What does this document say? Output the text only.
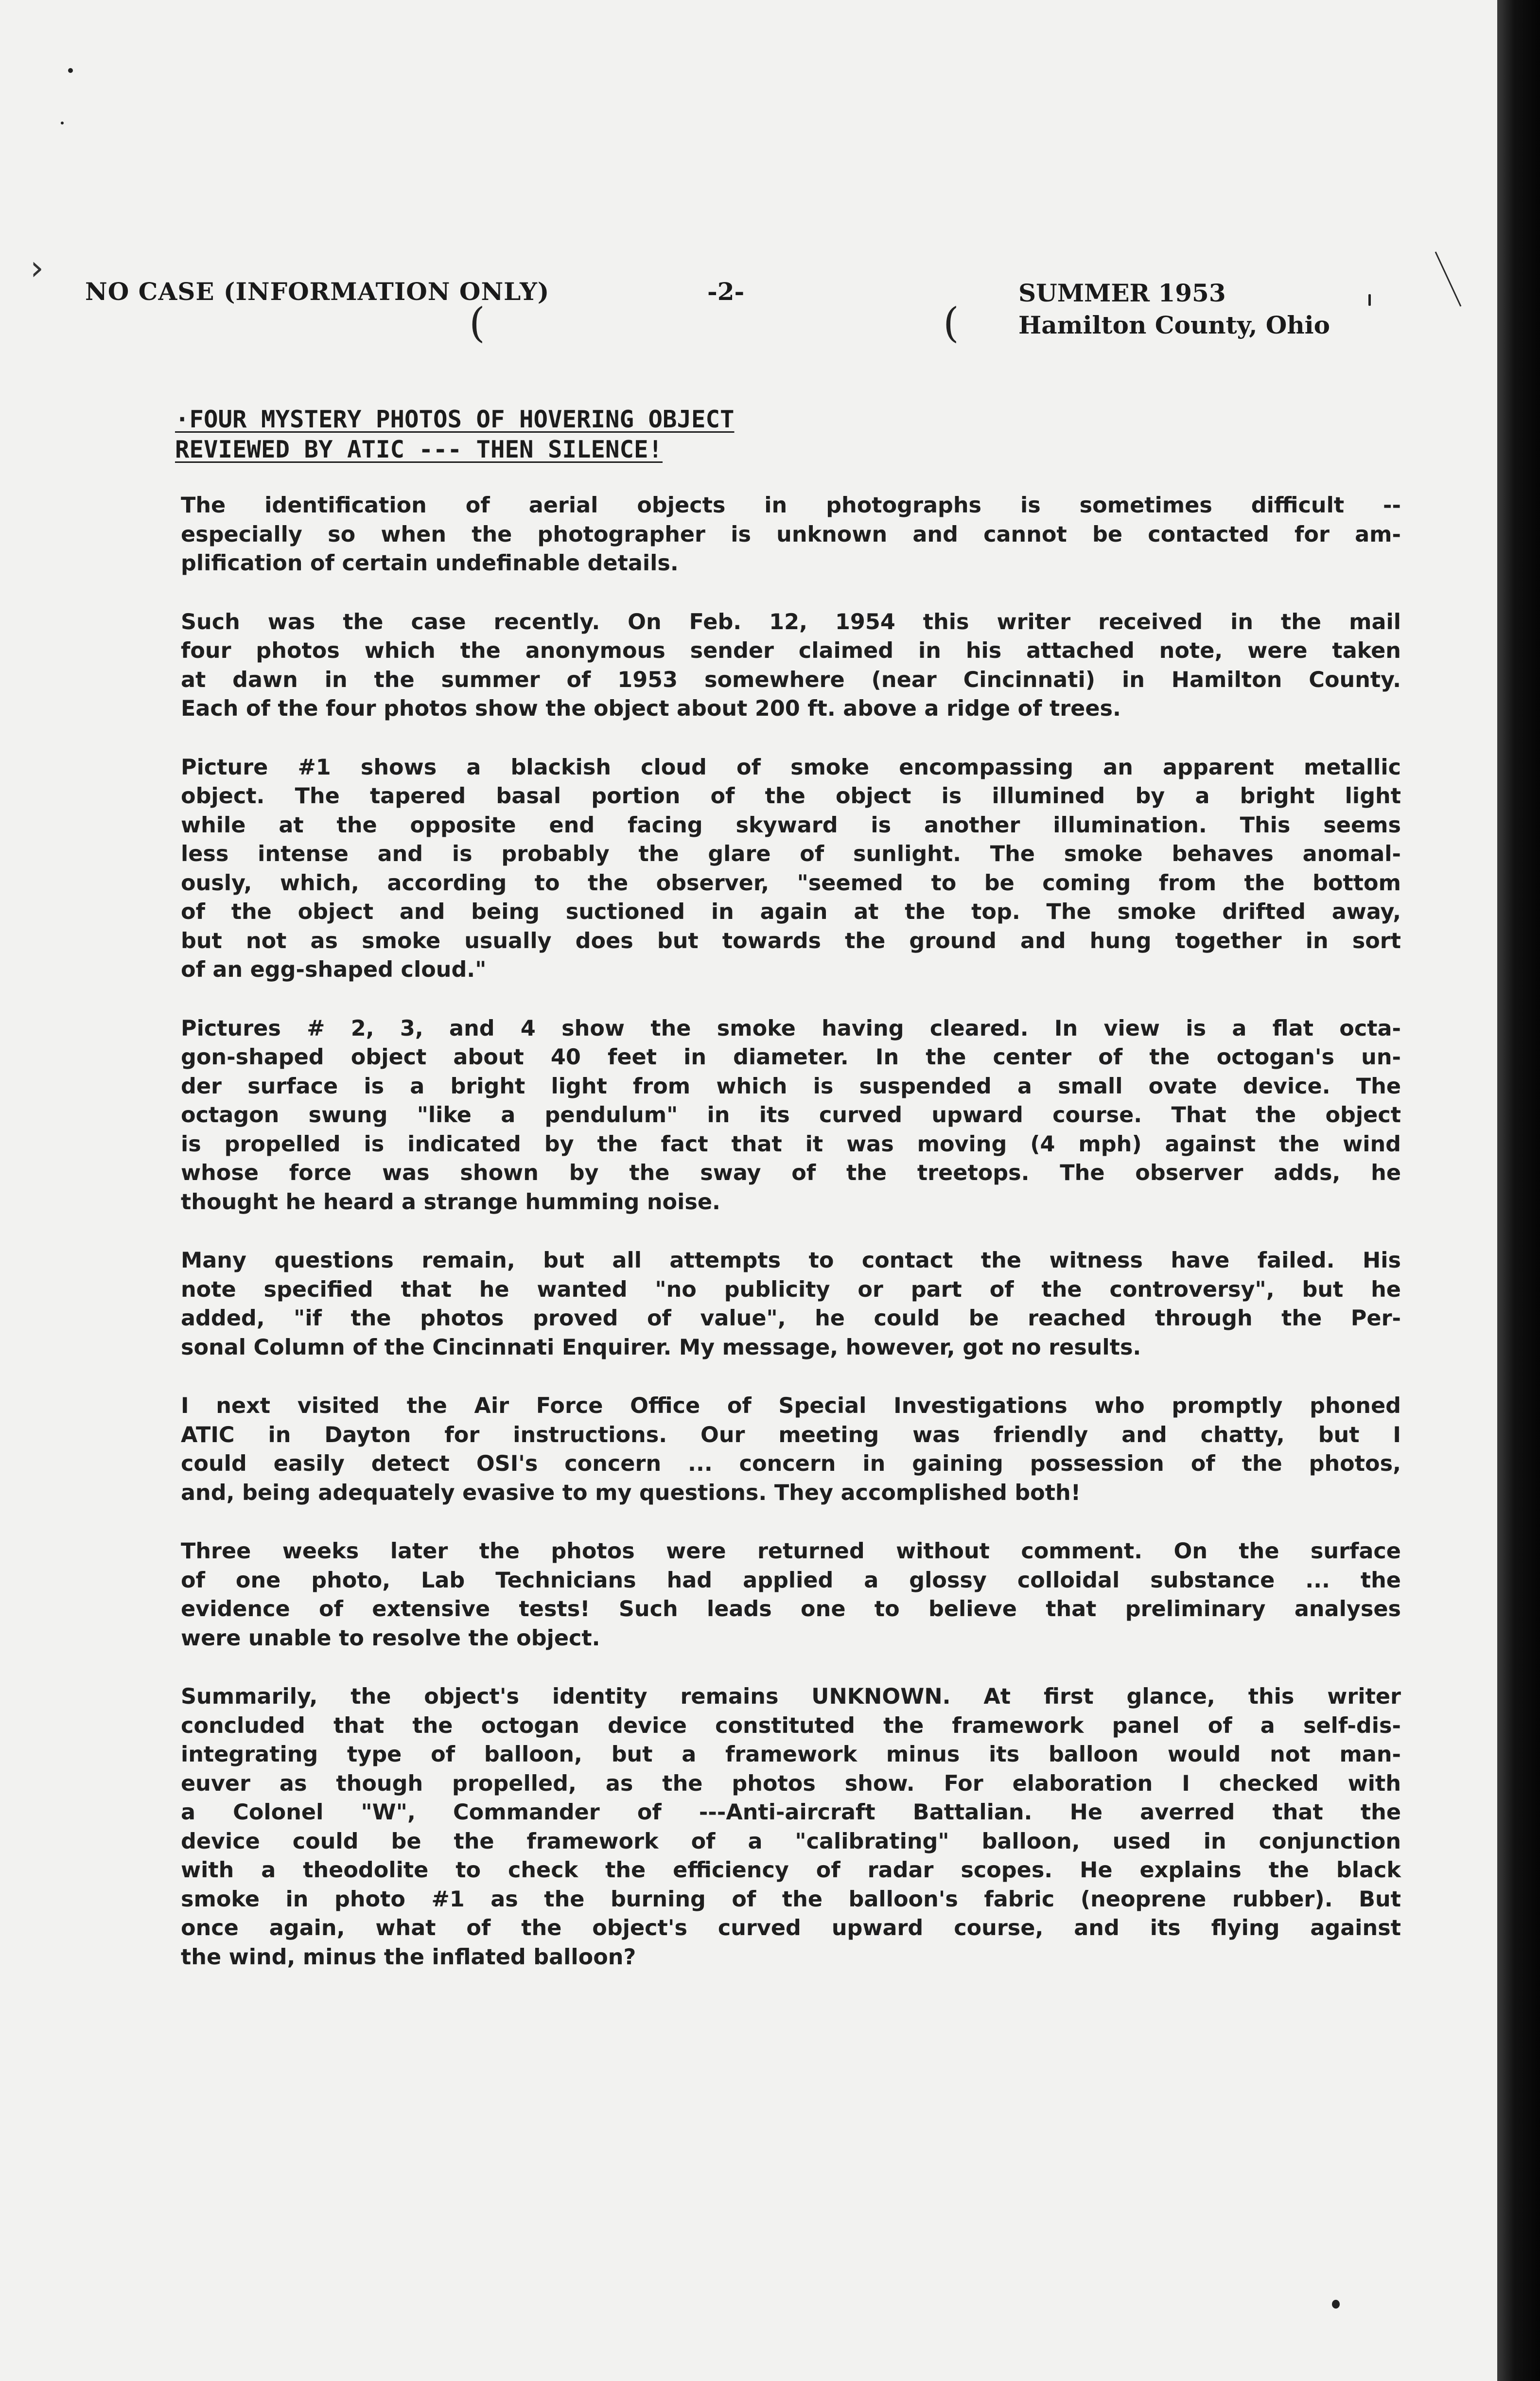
NO CASE (INFORMATION ONLY)	-2-	SUMMER 1953
Hamilton County, Ohio
(	(
·FOUR MYSTERY PHOTOS OF HOVERING OBJECT
REVIEWED BY ATIC --- THEN SILENCE!
The identification of aerial objects in photographs is sometimes difficult --
especially so when the photographer is unknown and cannot be contacted for am-
plification of certain undefinable details.
Such was the case recently. On Feb. 12, 1954 this writer received in the mail
four photos which the anonymous sender claimed in his attached note, were taken
at dawn in the summer of 1953 somewhere (near Cincinnati) in Hamilton County.
Each of the four photos show the object about 200 ft. above a ridge of trees.
Picture #1 shows a blackish cloud of smoke encompassing an apparent metallic
object. The tapered basal portion of the object is illumined by a bright light
while at the opposite end facing skyward is another illumination. This seems
less intense and is probably the glare of sunlight. The smoke behaves anomal-
ously, which, according to the observer, "seemed to be coming from the bottom
of the object and being suctioned in again at the top. The smoke drifted away,
but not as smoke usually does but towards the ground and hung together in sort
of an egg-shaped cloud."
Pictures # 2, 3, and 4 show the smoke having cleared. In view is a flat octa-
gon-shaped object about 40 feet in diameter. In the center of the octogan's un-
der surface is a bright light from which is suspended a small ovate device. The
octagon swung "like a pendulum" in its curved upward course. That the object
is propelled is indicated by the fact that it was moving (4 mph) against the wind
whose force was shown by the sway of the treetops. The observer adds, he
thought he heard a strange humming noise.
Many questions remain, but all attempts to contact the witness have failed. His
note specified that he wanted "no publicity or part of the controversy", but he
added, "if the photos proved of value", he could be reached through the Per-
sonal Column of the Cincinnati Enquirer. My message, however, got no results.
I next visited the Air Force Office of Special Investigations who promptly phoned
ATIC in Dayton for instructions. Our meeting was friendly and chatty, but I
could easily detect OSI's concern ... concern in gaining possession of the photos,
and, being adequately evasive to my questions. They accomplished both!
Three weeks later the photos were returned without comment. On the surface
of one photo, Lab Technicians had applied a glossy colloidal substance ... the
evidence of extensive tests! Such leads one to believe that preliminary analyses
were unable to resolve the object.
Summarily, the object's identity remains UNKNOWN. At first glance, this writer
concluded that the octogan device constituted the framework panel of a self-dis-
integrating type of balloon, but a framework minus its balloon would not man-
euver as though propelled, as the photos show. For elaboration I checked with
a Colonel "W", Commander of ---Anti-aircraft Battalian. He averred that the
device could be the framework of a "calibrating" balloon, used in conjunction
with a theodolite to check the efficiency of radar scopes. He explains the black
smoke in photo #1 as the burning of the balloon's fabric (neoprene rubber). But
once again, what of the object's curved upward course, and its flying against
the wind, minus the inflated balloon?
›
